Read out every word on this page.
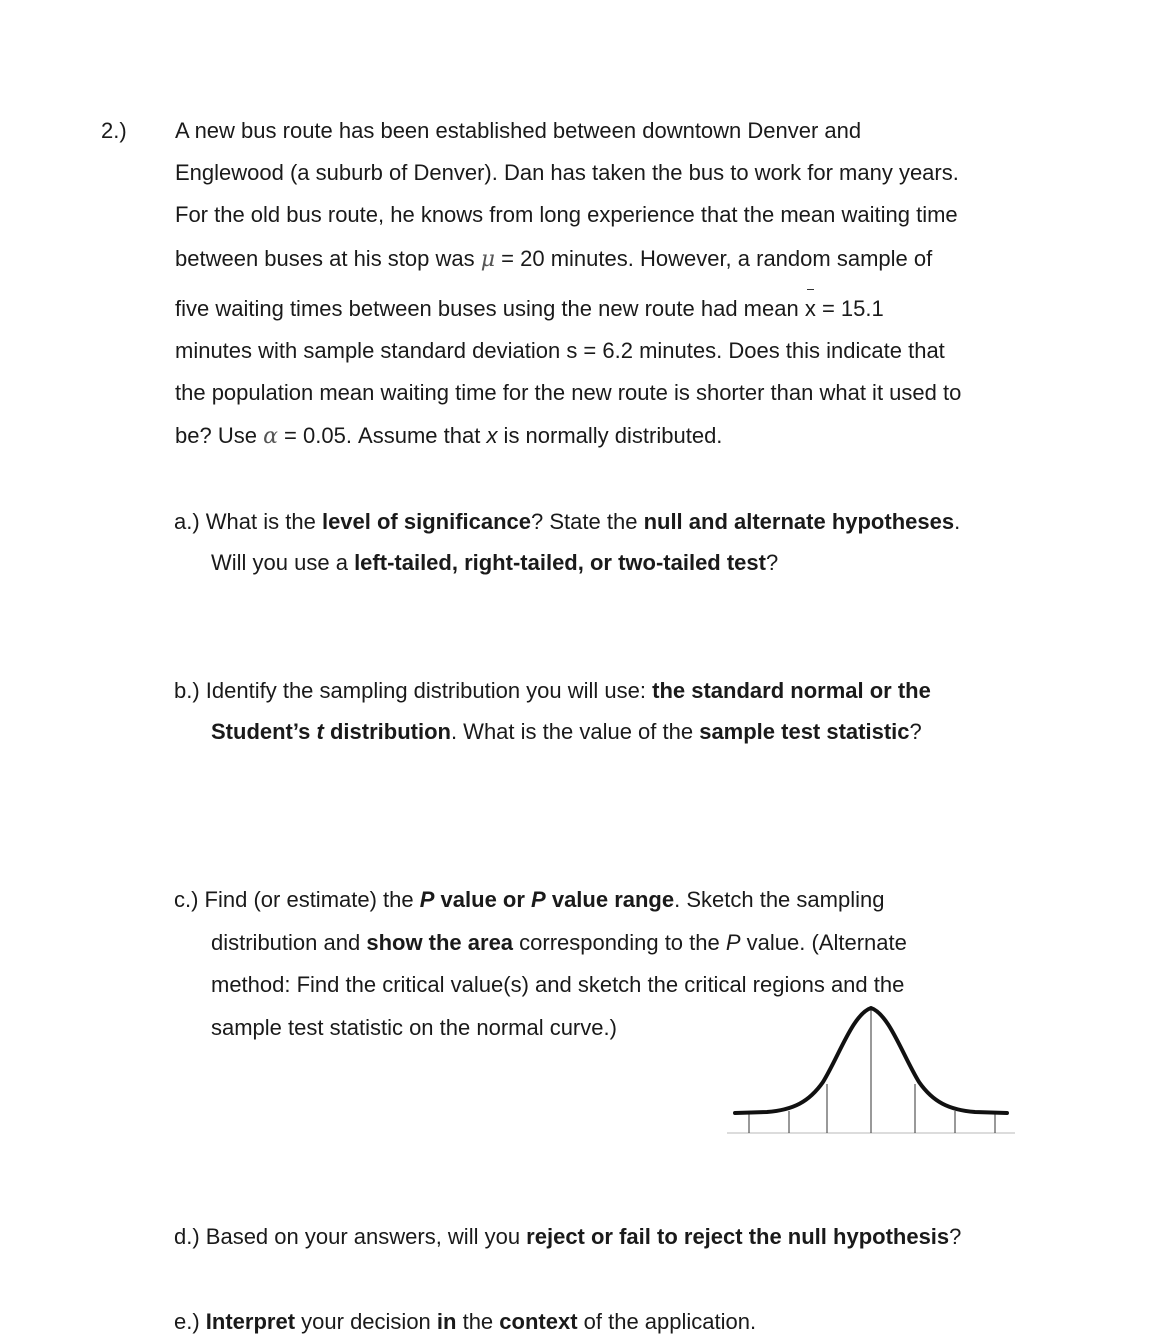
2.) A new bus route has been established between downtown Denver and
Englewood (a suburb of Denver). Dan has taken the bus to work for many years.
For the old bus route, he knows from long experience that the mean waiting time
between buses at his stop was μ = 20 minutes. However, a random sample of
five waiting times between buses using the new route had mean x = 15.1
minutes with sample standard deviation s = 6.2 minutes. Does this indicate that
the population mean waiting time for the new route is shorter than what it used to
be? Use α = 0.05. Assume that x is normally distributed.
a.) What is the level of significance? State the null and alternate hypotheses.
Will you use a left-tailed, right-tailed, or two-tailed test?
b.) Identify the sampling distribution you will use: the standard normal or the
Student’s t distribution. What is the value of the sample test statistic?
c.) Find (or estimate) the P value or P value range. Sketch the sampling
distribution and show the area corresponding to the P value. (Alternate
method: Find the critical value(s) and sketch the critical regions and the
sample test statistic on the normal curve.)
d.) Based on your answers, will you reject or fail to reject the null hypothesis?
e.) Interpret your decision in the context of the application.
